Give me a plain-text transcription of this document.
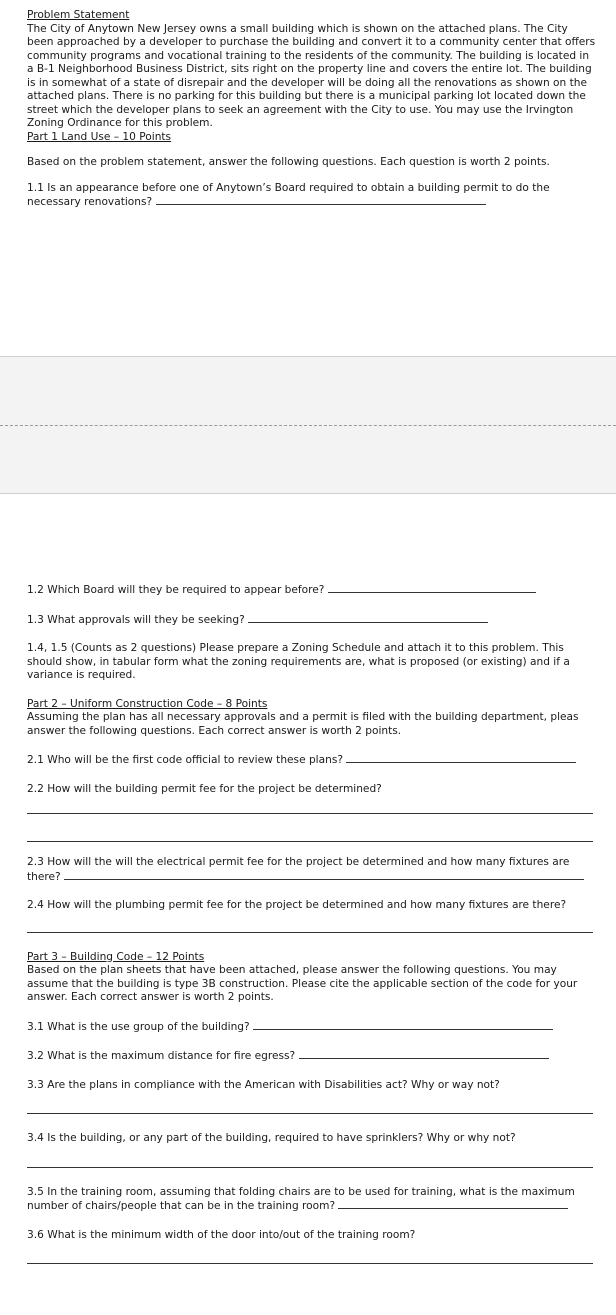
Problem Statement

The City of Anytown New Jersey owns a small building which is shown on the attached plans. The City been approached by a developer to purchase the building and convert it to a community center that offers community programs and vocational training to the residents of the community. The building is located in a B-1 Neighborhood Business District, sits right on the property line and covers the entire lot. The building is in somewhat of a state of disrepair and the developer will be doing all the renovations as shown on the attached plans. There is no parking for this building but there is a municipal parking lot located down the street which the developer plans to seek an agreement with the City to use. You may use the Irvington Zoning Ordinance for this problem.

Part 1 Land Use – 10 Points

Based on the problem statement, answer the following questions. Each question is worth 2 points.

1.1 Is an appearance before one of Anytown’s Board required to obtain a building permit to do the necessary renovations?

1.2 Which Board will they be required to appear before?

1.3 What approvals will they be seeking?

1.4, 1.5 (Counts as 2 questions) Please prepare a Zoning Schedule and attach it to this problem. This should show, in tabular form what the zoning requirements are, what is proposed (or existing) and if a variance is required.

Part 2 – Uniform Construction Code – 8 Points

Assuming the plan has all necessary approvals and a permit is filed with the building department, pleas answer the following questions. Each correct answer is worth 2 points.

2.1 Who will be the first code official to review these plans?

2.2 How will the building permit fee for the project be determined?

2.3 How will the will the electrical permit fee for the project be determined and how many fixtures are there?

2.4 How will the plumbing permit fee for the project be determined and how many fixtures are there?

Part 3 – Building Code – 12 Points

Based on the plan sheets that have been attached, please answer the following questions. You may assume that the building is type 3B construction. Please cite the applicable section of the code for your answer. Each correct answer is worth 2 points.

3.1 What is the use group of the building?

3.2 What is the maximum distance for fire egress?

3.3 Are the plans in compliance with the American with Disabilities act? Why or way not?

3.4 Is the building, or any part of the building, required to have sprinklers? Why or why not?

3.5 In the training room, assuming that folding chairs are to be used for training, what is the maximum number of chairs/people that can be in the training room?

3.6 What is the minimum width of the door into/out of the training room?
